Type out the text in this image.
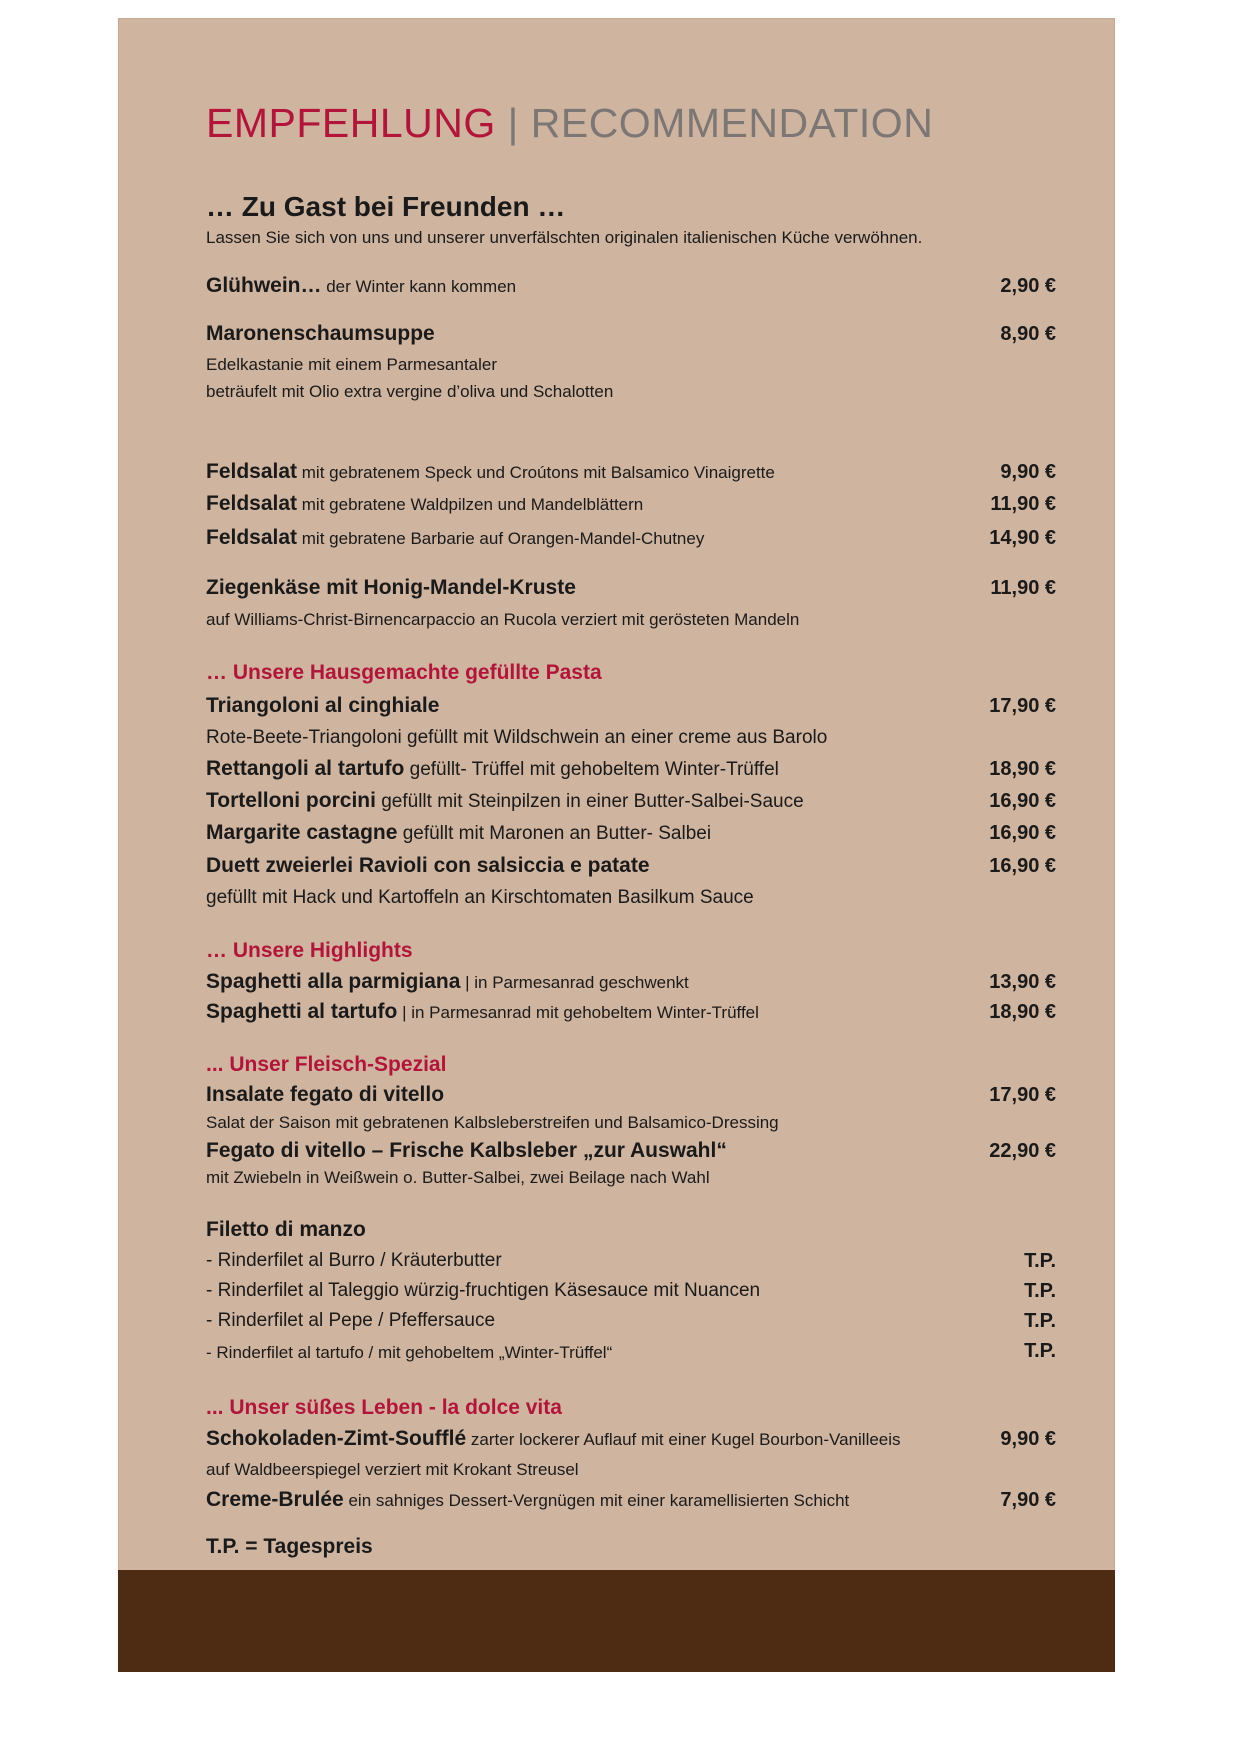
EMPFEHLUNG | RECOMMENDATION
… Zu Gast bei Freunden …
Lassen Sie sich von uns und unserer unverfälschten originalen italienischen Küche verwöhnen.
Glühwein… der Winter kann kommen	2,90 €
Maronenschaumsuppe	8,90 €
Edelkastanie mit einem Parmesantaler
beträufelt mit Olio extra vergine d’oliva und Schalotten
Feldsalat mit gebratenem Speck und Croútons mit Balsamico Vinaigrette	9,90 €
Feldsalat mit gebratene Waldpilzen und Mandelblättern	11,90 €
Feldsalat mit gebratene Barbarie auf Orangen-Mandel-Chutney	14,90 €
Ziegenkäse mit Honig-Mandel-Kruste	11,90 €
auf Williams-Christ-Birnencarpaccio an Rucola verziert mit gerösteten Mandeln
… Unsere Hausgemachte gefüllte Pasta
Triangoloni al cinghiale	17,90 €
Rote-Beete-Triangoloni gefüllt mit Wildschwein an einer creme aus Barolo
Rettangoli al tartufo gefüllt- Trüffel mit gehobeltem Winter-Trüffel	18,90 €
Tortelloni porcini gefüllt mit Steinpilzen in einer Butter-Salbei-Sauce	16,90 €
Margarite castagne gefüllt mit Maronen an Butter- Salbei	16,90 €
Duett zweierlei Ravioli con salsiccia e patate	16,90 €
gefüllt mit Hack und Kartoffeln an Kirschtomaten Basilkum Sauce
… Unsere Highlights
Spaghetti alla parmigiana | in Parmesanrad geschwenkt	13,90 €
Spaghetti al tartufo | in Parmesanrad mit gehobeltem Winter-Trüffel	18,90 €
... Unser Fleisch-Spezial
Insalate fegato di vitello	17,90 €
Salat der Saison mit gebratenen Kalbsleberstreifen und Balsamico-Dressing
Fegato di vitello – Frische Kalbsleber „zur Auswahl“	22,90 €
mit Zwiebeln in Weißwein o. Butter-Salbei, zwei Beilage nach Wahl
Filetto di manzo
- Rinderfilet al Burro / Kräuterbutter	T.P.
- Rinderfilet al Taleggio würzig-fruchtigen Käsesauce mit Nuancen	T.P.
- Rinderfilet al Pepe / Pfeffersauce	T.P.
- Rinderfilet al tartufo / mit gehobeltem „Winter-Trüffel“	T.P.
... Unser süßes Leben - la dolce vita
Schokoladen-Zimt-Soufflé zarter lockerer Auflauf mit einer Kugel Bourbon-Vanilleeis	9,90 €
auf Waldbeerspiegel verziert mit Krokant Streusel
Creme-Brulée ein sahniges Dessert-Vergnügen mit einer karamellisierten Schicht	7,90 €
T.P. = Tagespreis
